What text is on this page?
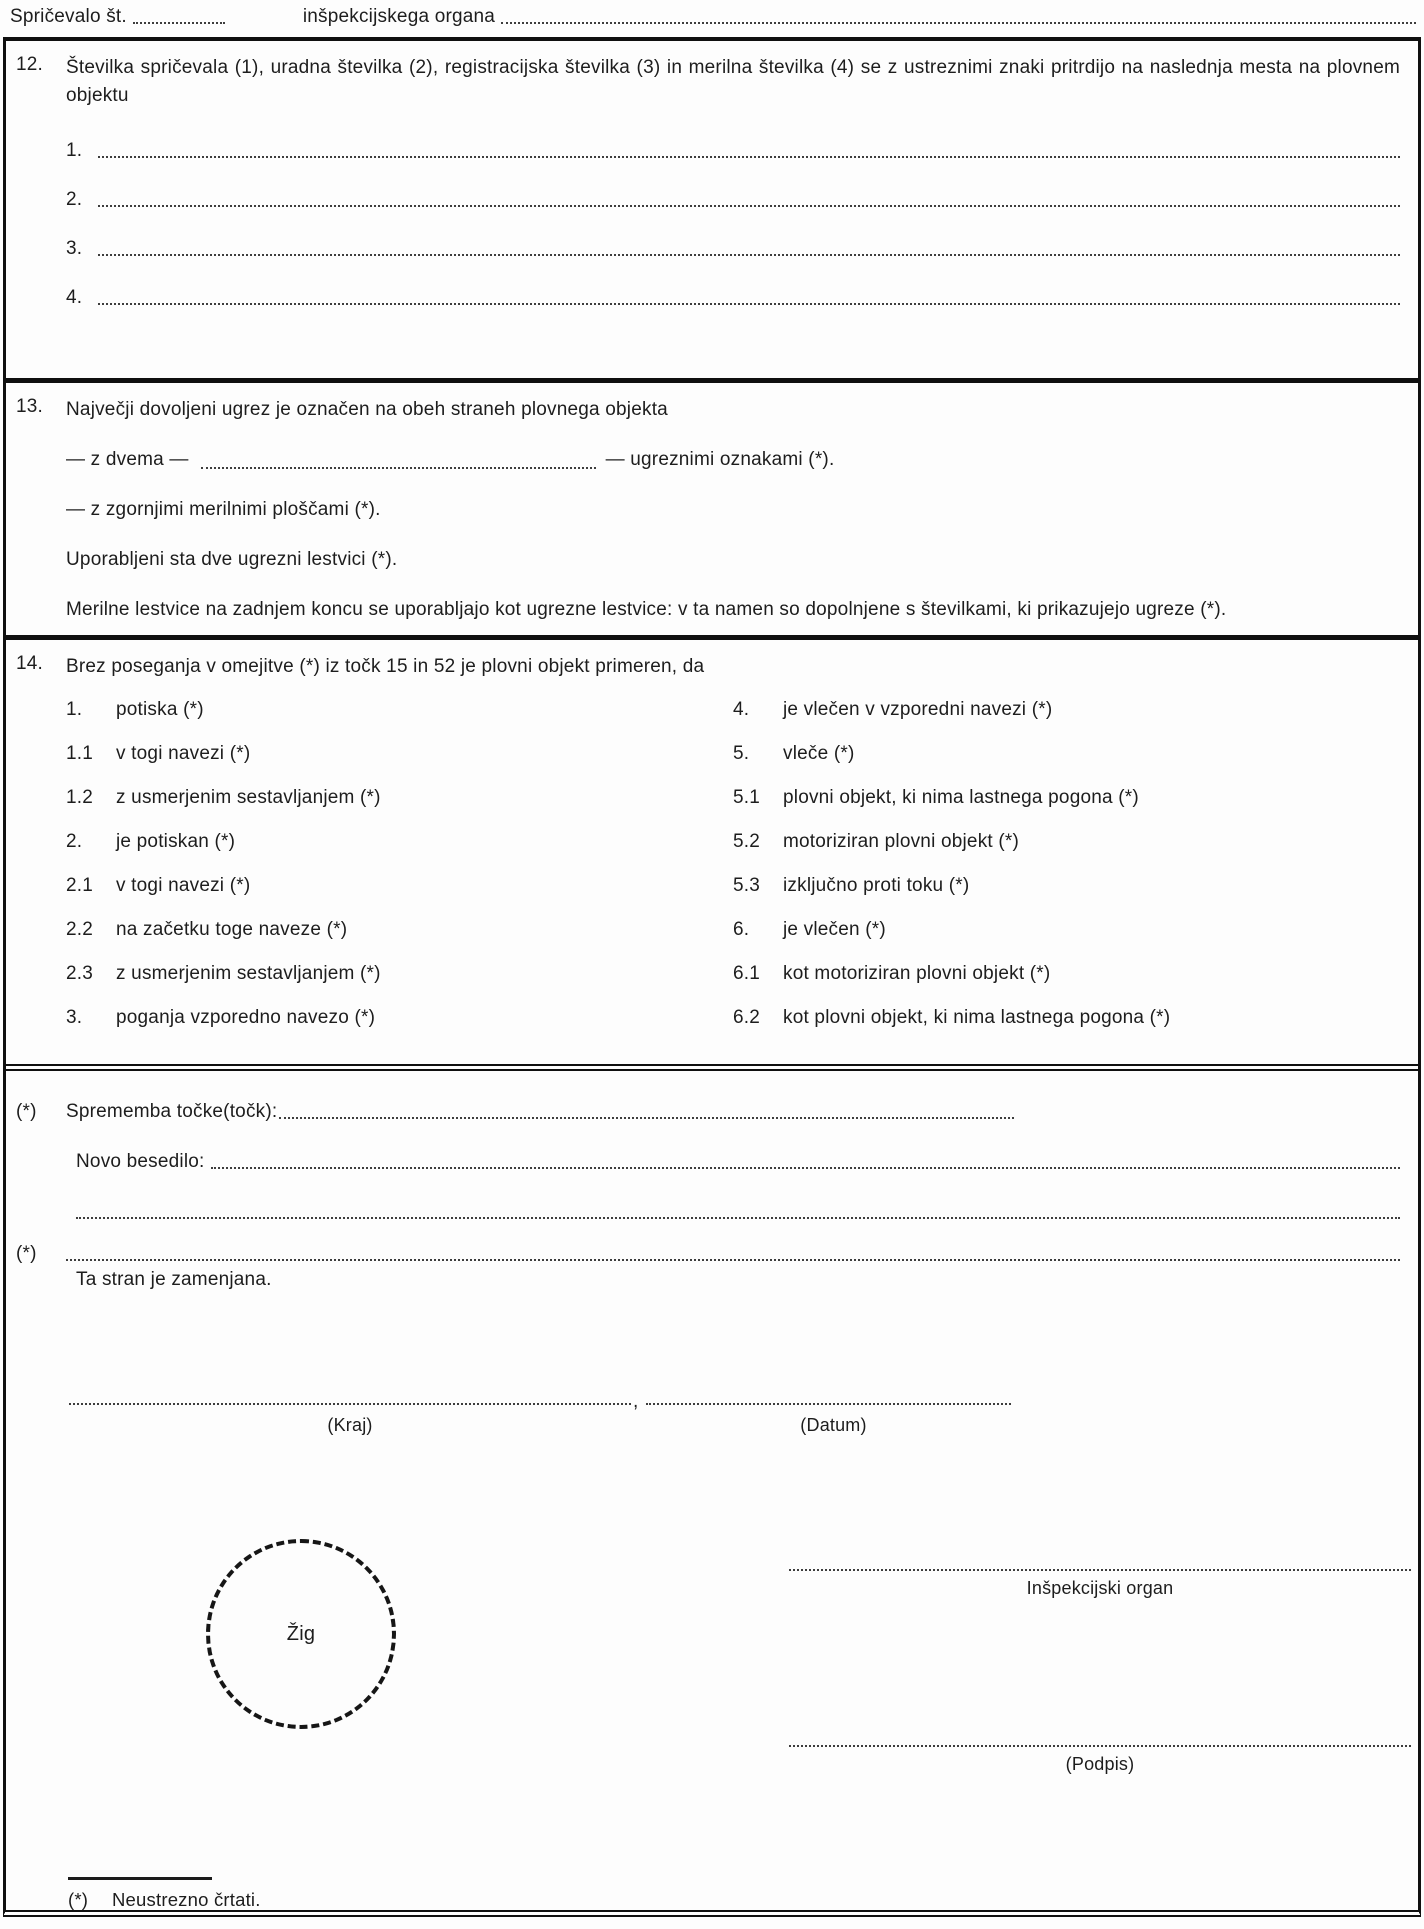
Spričevalo št.	inšpekcijskega organa
12.	Številka spričevala (1), uradna številka (2), registracijska številka (3) in merilna številka (4) se z ustreznimi znaki pritrdijo na naslednja mesta na plovnem objektu

1.
2.
3.
4.
13.	Največji dovoljeni ugrez je označen na obeh straneh plovnega objekta

— z dvema —	— ugreznimi oznakami (*).

— z zgornjimi merilnimi ploščami (*).

Uporabljeni sta dve ugrezni lestvici (*).

Merilne lestvice na zadnjem koncu se uporabljajo kot ugrezne lestvice: v ta namen so dopolnjene s številkami, ki prikazujejo ugreze (*).

14.	Brez poseganja v omejitve (*) iz točk 15 in 52 je plovni objekt primeren, da

1.	potiska (*)
1.1	v togi navezi (*)
1.2	z usmerjenim sestavljanjem (*)
2.	je potiskan (*)
2.1	v togi navezi (*)
2.2	na začetku toge naveze (*)
2.3	z usmerjenim sestavljanjem (*)
3.	poganja vzporedno navezo (*)
4.	je vlečen v vzporedni navezi (*)
5.	vleče (*)
5.1	plovni objekt, ki nima lastnega pogona (*)
5.2	motoriziran plovni objekt (*)
5.3	izključno proti toku (*)
6.	je vlečen (*)
6.1	kot motoriziran plovni objekt (*)
6.2	kot plovni objekt, ki nima lastnega pogona (*)
(*)	Sprememba točke(točk):
Novo besedilo:
(*)
Ta stran je zamenjana.
,
(Kraj)	(Datum)
Žig
Inšpekcijski organ
(Podpis)
(*)	Neustrezno črtati.
